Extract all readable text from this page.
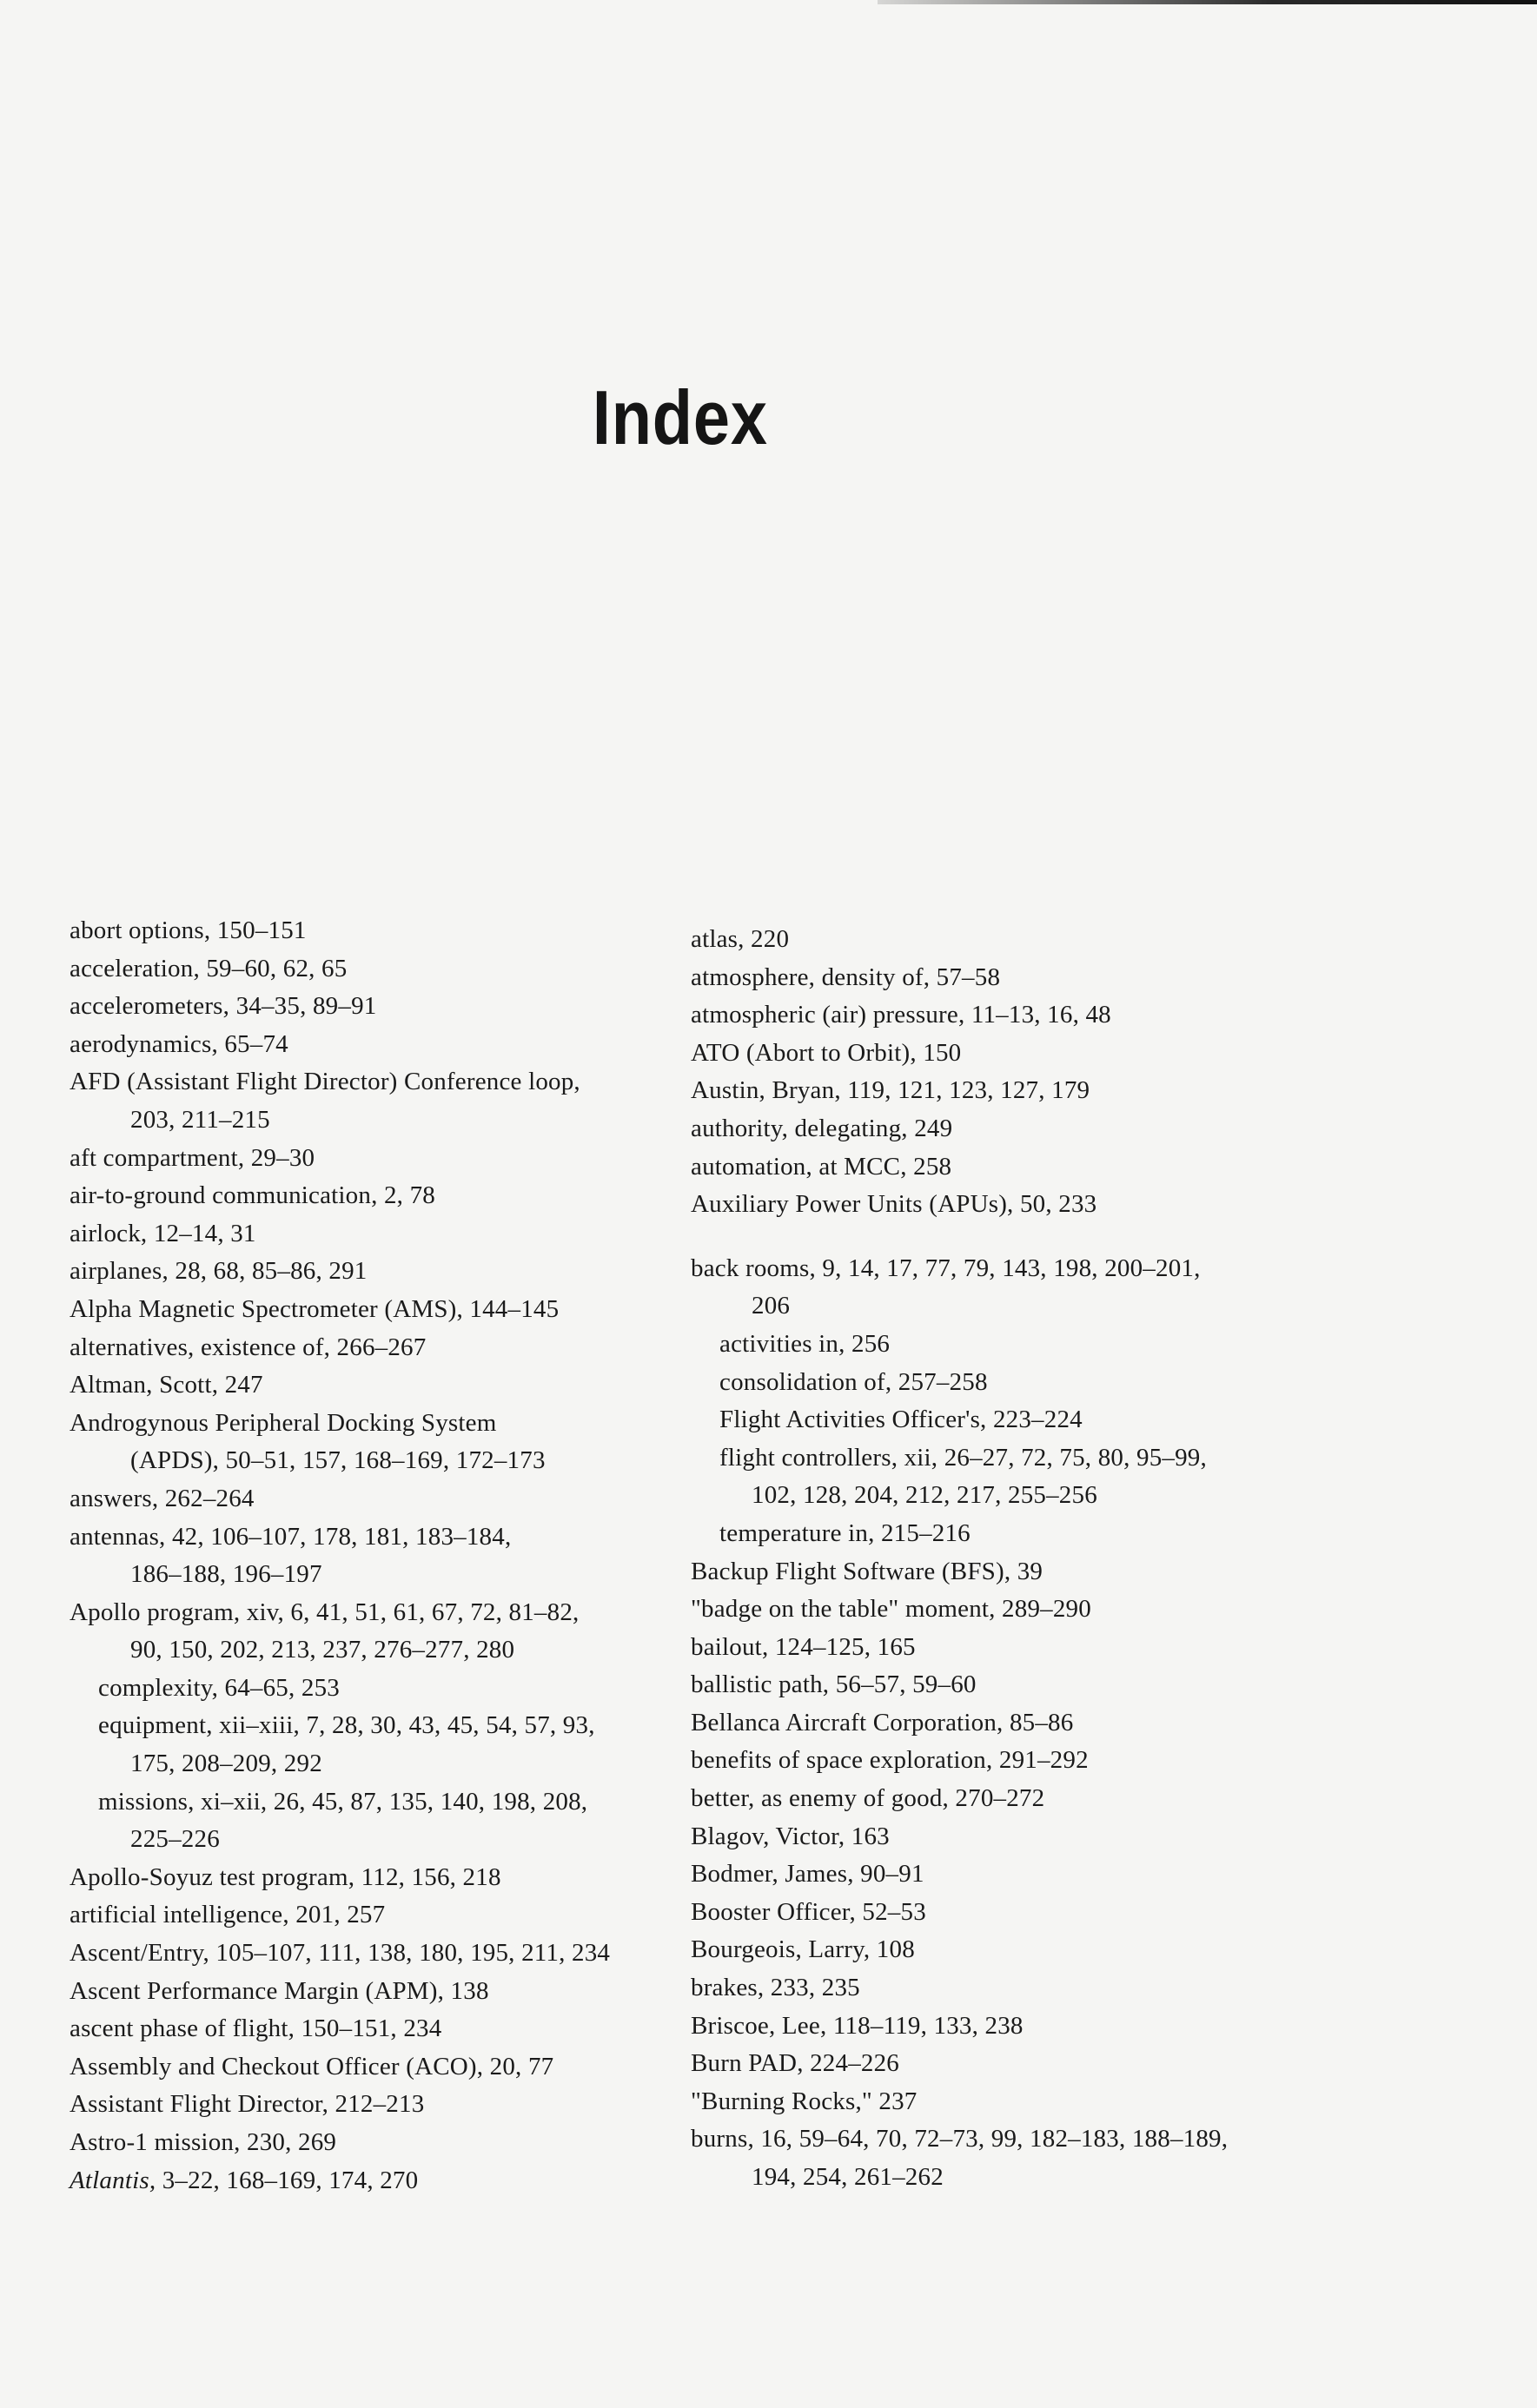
Index
abort options, 150–151
acceleration, 59–60, 62, 65
accelerometers, 34–35, 89–91
aerodynamics, 65–74
AFD (Assistant Flight Director) Conference loop,
203, 211–215
aft compartment, 29–30
air-to-ground communication, 2, 78
airlock, 12–14, 31
airplanes, 28, 68, 85–86, 291
Alpha Magnetic Spectrometer (AMS), 144–145
alternatives, existence of, 266–267
Altman, Scott, 247
Androgynous Peripheral Docking System
(APDS), 50–51, 157, 168–169, 172–173
answers, 262–264
antennas, 42, 106–107, 178, 181, 183–184,
186–188, 196–197
Apollo program, xiv, 6, 41, 51, 61, 67, 72, 81–82,
90, 150, 202, 213, 237, 276–277, 280
complexity, 64–65, 253
equipment, xii–xiii, 7, 28, 30, 43, 45, 54, 57, 93,
175, 208–209, 292
missions, xi–xii, 26, 45, 87, 135, 140, 198, 208,
225–226
Apollo-Soyuz test program, 112, 156, 218
artificial intelligence, 201, 257
Ascent/Entry, 105–107, 111, 138, 180, 195, 211, 234
Ascent Performance Margin (APM), 138
ascent phase of flight, 150–151, 234
Assembly and Checkout Officer (ACO), 20, 77
Assistant Flight Director, 212–213
Astro-1 mission, 230, 269
Atlantis, 3–22, 168–169, 174, 270
atlas, 220
atmosphere, density of, 57–58
atmospheric (air) pressure, 11–13, 16, 48
ATO (Abort to Orbit), 150
Austin, Bryan, 119, 121, 123, 127, 179
authority, delegating, 249
automation, at MCC, 258
Auxiliary Power Units (APUs), 50, 233
back rooms, 9, 14, 17, 77, 79, 143, 198, 200–201,
206
activities in, 256
consolidation of, 257–258
Flight Activities Officer's, 223–224
flight controllers, xii, 26–27, 72, 75, 80, 95–99,
102, 128, 204, 212, 217, 255–256
temperature in, 215–216
Backup Flight Software (BFS), 39
"badge on the table" moment, 289–290
bailout, 124–125, 165
ballistic path, 56–57, 59–60
Bellanca Aircraft Corporation, 85–86
benefits of space exploration, 291–292
better, as enemy of good, 270–272
Blagov, Victor, 163
Bodmer, James, 90–91
Booster Officer, 52–53
Bourgeois, Larry, 108
brakes, 233, 235
Briscoe, Lee, 118–119, 133, 238
Burn PAD, 224–226
"Burning Rocks," 237
burns, 16, 59–64, 70, 72–73, 99, 182–183, 188–189,
194, 254, 261–262
